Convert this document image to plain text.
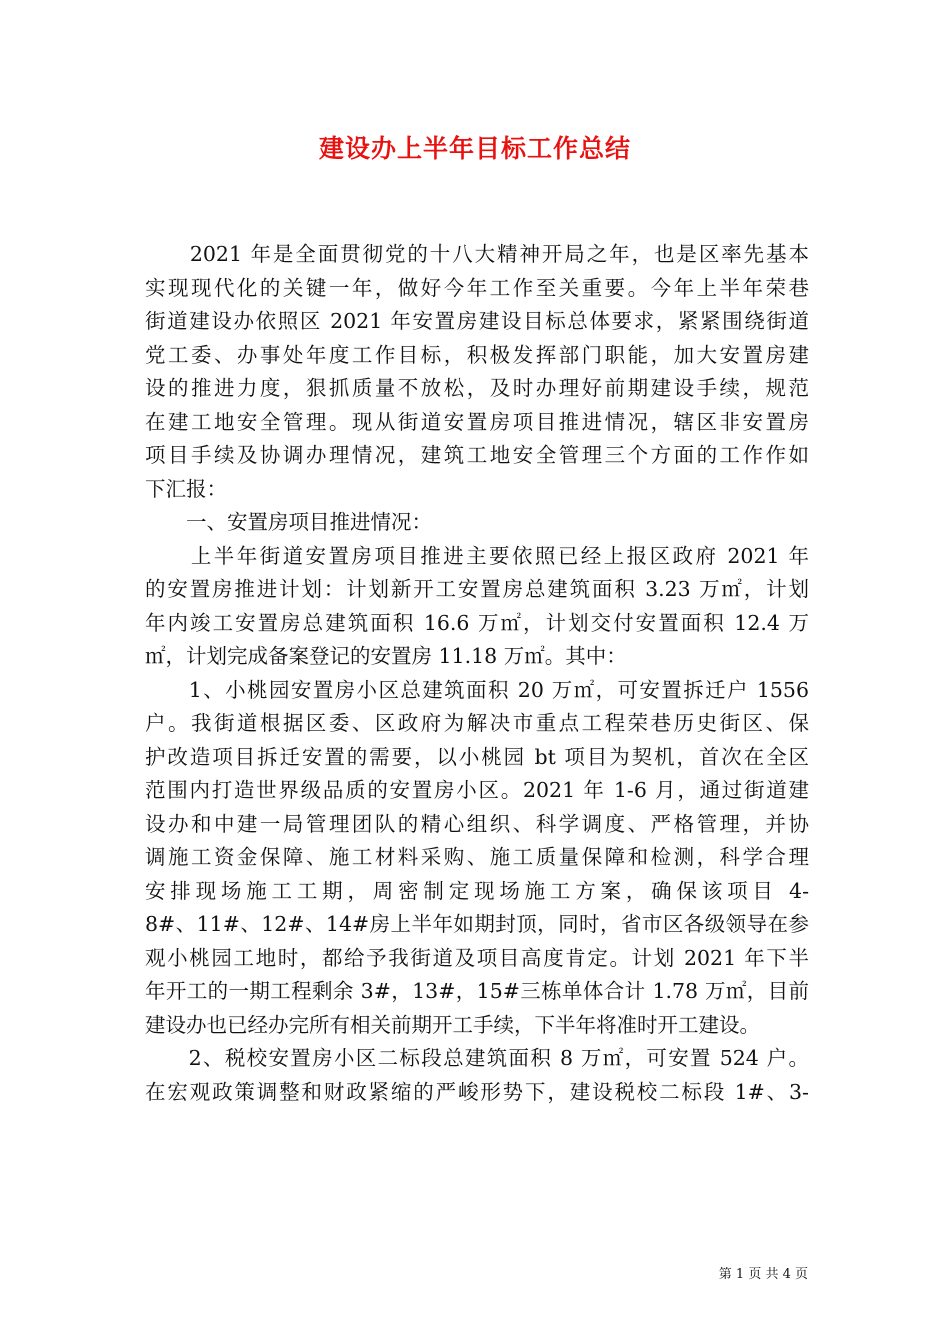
建设办上半年目标工作总结
　　2021 年是全面贯彻党的十八大精神开局之年，也是区率先基本
实现现代化的关键一年，做好今年工作至关重要。今年上半年荣巷
街道建设办依照区 2021 年安置房建设目标总体要求，紧紧围绕街道
党工委、办事处年度工作目标，积极发挥部门职能，加大安置房建
设的推进力度，狠抓质量不放松，及时办理好前期建设手续，规范
在建工地安全管理。现从街道安置房项目推进情况，辖区非安置房
项目手续及协调办理情况，建筑工地安全管理三个方面的工作作如
下汇报：
　　一、安置房项目推进情况：
　　上半年街道安置房项目推进主要依照已经上报区政府 2021 年
的安置房推进计划：计划新开工安置房总建筑面积 3.23 万㎡，计划
年内竣工安置房总建筑面积 16.6 万㎡，计划交付安置面积 12.4 万
㎡，计划完成备案登记的安置房 11.18 万㎡。其中：
　　1、小桃园安置房小区总建筑面积 20 万㎡，可安置拆迁户 1556
户。我街道根据区委、区政府为解决市重点工程荣巷历史街区、保
护改造项目拆迁安置的需要，以小桃园 bt 项目为契机，首次在全区
范围内打造世界级品质的安置房小区。2021 年 1-6 月，通过街道建
设办和中建一局管理团队的精心组织、科学调度、严格管理，并协
调施工资金保障、施工材料采购、施工质量保障和检测，科学合理
安排现场施工工期，周密制定现场施工方案，确保该项目 4-
8#、11#、12#、14#房上半年如期封顶，同时，省市区各级领导在参
观小桃园工地时，都给予我街道及项目高度肯定。计划 2021 年下半
年开工的一期工程剩余 3#，13#，15#三栋单体合计 1.78 万㎡，目前
建设办也已经办完所有相关前期开工手续，下半年将准时开工建设。
　　2、税校安置房小区二标段总建筑面积 8 万㎡，可安置 524 户。
在宏观政策调整和财政紧缩的严峻形势下，建设税校二标段 1#、3-
第 1 页 共 4 页
